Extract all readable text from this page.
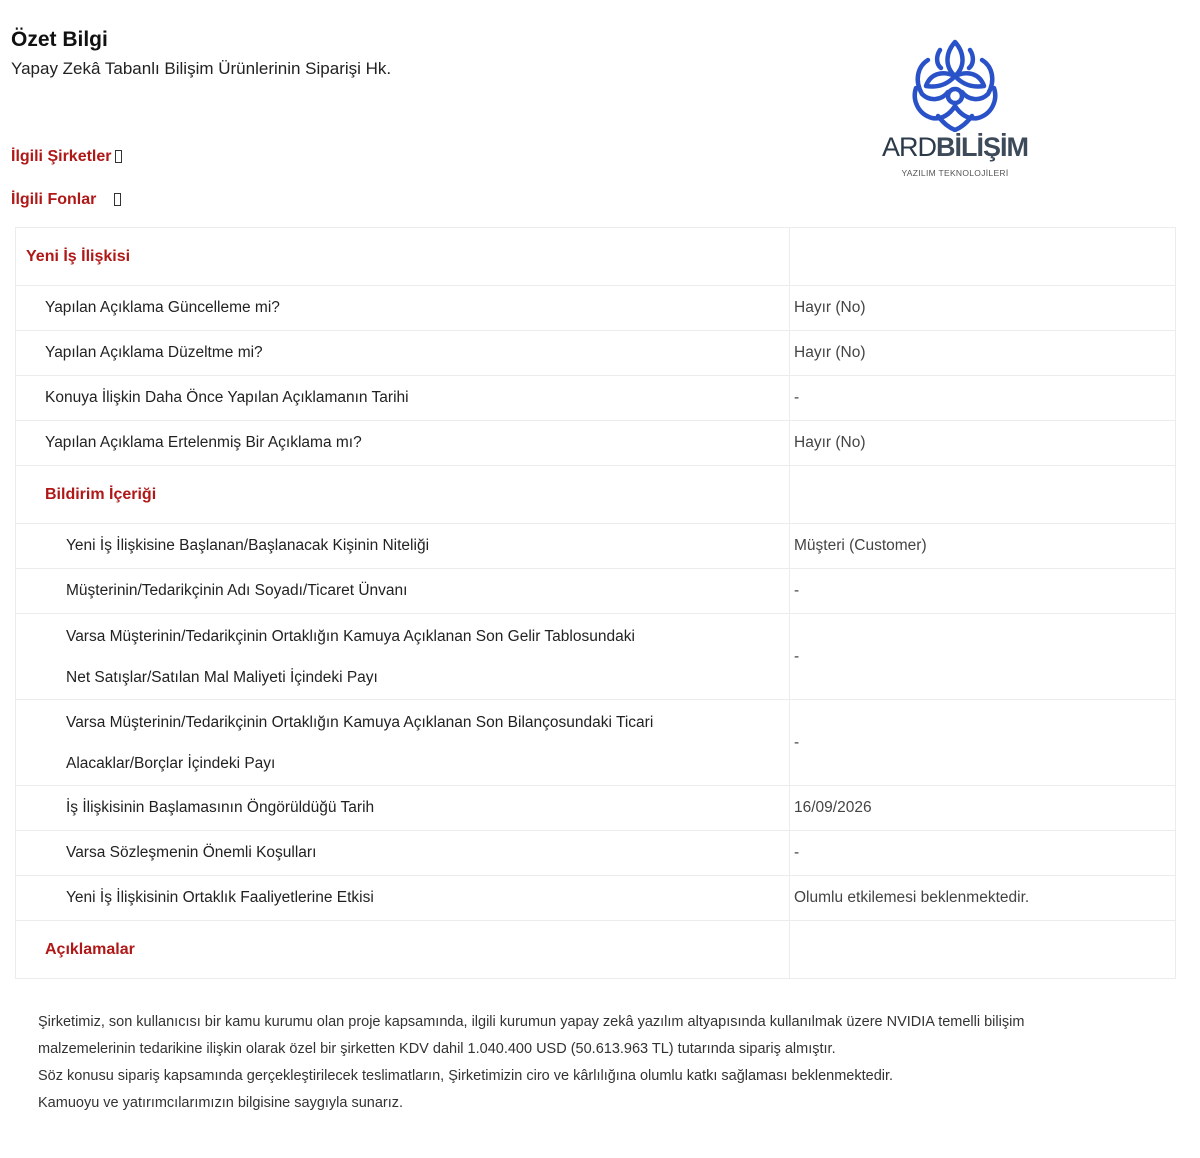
Özet Bilgi
Yapay Zekâ Tabanlı Bilişim Ürünlerinin Siparişi Hk.
ARDBİLİŞİM
YAZILIM TEKNOLOJİLERİ
İlgili Şirketler
İlgili Fonlar
Yeni İş İlişkisi	
Yapılan Açıklama Güncelleme mi?	Hayır (No)
Yapılan Açıklama Düzeltme mi?	Hayır (No)
Konuya İlişkin Daha Önce Yapılan Açıklamanın Tarihi	-
Yapılan Açıklama Ertelenmiş Bir Açıklama mı?	Hayır (No)
Bildirim İçeriği	
Yeni İş İlişkisine Başlanan/Başlanacak Kişinin Niteliği	Müşteri (Customer)
Müşterinin/Tedarikçinin Adı Soyadı/Ticaret Ünvanı	-
Varsa Müşterinin/Tedarikçinin Ortaklığın Kamuya Açıklanan Son Gelir Tablosundaki
Net Satışlar/Satılan Mal Maliyeti İçindeki Payı	-
Varsa Müşterinin/Tedarikçinin Ortaklığın Kamuya Açıklanan Son Bilançosundaki Ticari
Alacaklar/Borçlar İçindeki Payı	-
İş İlişkisinin Başlamasının Öngörüldüğü Tarih	16/09/2026
Varsa Sözleşmenin Önemli Koşulları	-
Yeni İş İlişkisinin Ortaklık Faaliyetlerine Etkisi	Olumlu etkilemesi beklenmektedir.
Açıklamalar	

Şirketimiz, son kullanıcısı bir kamu kurumu olan proje kapsamında, ilgili kurumun yapay zekâ yazılım altyapısında kullanılmak üzere NVIDIA temelli bilişim

malzemelerinin tedarikine ilişkin olarak özel bir şirketten KDV dahil 1.040.400 USD (50.613.963 TL) tutarında sipariş almıştır.

Söz konusu sipariş kapsamında gerçekleştirilecek teslimatların, Şirketimizin ciro ve kârlılığına olumlu katkı sağlaması beklenmektedir.

Kamuoyu ve yatırımcılarımızın bilgisine saygıyla sunarız.
